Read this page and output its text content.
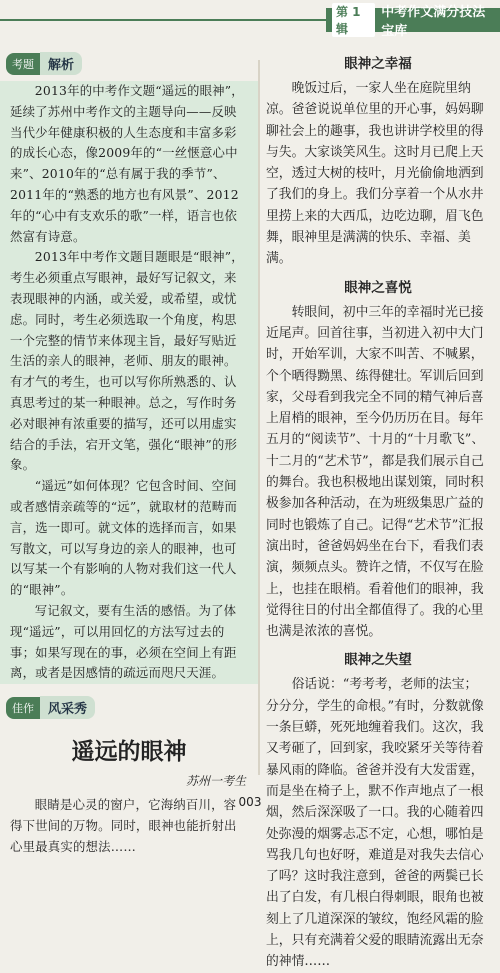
第 1 辑
中考作文满分技法宝库
考题	解析

2013年的中考作文题“遥远的眼神”，延续了苏州中考作文的主题导向——反映当代少年健康积极的人生态度和丰富多彩的成长心态，像2009年的“一丝惬意心中来”、2010年的“总有属于我的季节”、2011年的“熟悉的地方也有风景”、2012年的“心中有支欢乐的歌”一样，语言也依然富有诗意。

2013年中考作文题目题眼是“眼神”，考生必须重点写眼神，最好写记叙文，来表现眼神的内涵，或关爱，或希望，或忧虑。同时，考生必须选取一个角度，构思一个完整的情节来体现主旨，最好写贴近生活的亲人的眼神，老师、朋友的眼神。有才气的考生，也可以写你所熟悉的、认真思考过的某一种眼神。总之，写作时务必对眼神有浓重要的描写，还可以用虚实结合的手法，宕开文笔，强化“眼神”的形象。

“遥远”如何体现？它包含时间、空间或者感情亲疏等的“远”，就取材的范畴而言，选一即可。就文体的选择而言，如果写散文，可以写身边的亲人的眼神，也可以写某一个有影响的人物对我们这一代人的“眼神”。

写记叙文，要有生活的感悟。为了体现“遥远”，可以用回忆的方法写过去的事；如果写现在的事，必须在空间上有距离，或者是因感情的疏远而咫尺天涯。

佳作	风采秀
遥远的眼神
苏州一考生

眼睛是心灵的窗户，它海纳百川，容得下世间的万物。同时，眼神也能折射出心里最真实的想法……

眼神之幸福

晚饭过后，一家人坐在庭院里纳凉。爸爸说说单位里的开心事，妈妈聊聊社会上的趣事，我也讲讲学校里的得与失。大家谈笑风生。这时月已爬上天空，透过大树的枝叶，月光偷偷地洒到了我们的身上。我们分享着一个从水井里捞上来的大西瓜，边吃边聊，眉飞色舞，眼神里是满满的快乐、幸福、美满。

眼神之喜悦

转眼间，初中三年的幸福时光已接近尾声。回首往事，当初进入初中大门时，开始军训，大家不叫苦、不喊累，个个晒得黝黑、练得健壮。军训后回到家，父母看到我完全不同的精气神后喜上眉梢的眼神，至今仍历历在目。每年五月的“阅读节”、十月的“十月歌飞”、十二月的“艺术节”，都是我们展示自己的舞台。我也积极地出谋划策，同时积极参加各种活动，在为班级集思广益的同时也锻炼了自己。记得“艺术节”汇报演出时，爸爸妈妈坐在台下，看我们表演，频频点头。赞许之情，不仅写在脸上，也挂在眼梢。看着他们的眼神，我觉得往日的付出全都值得了。我的心里也满是浓浓的喜悦。

眼神之失望

俗话说：“考考考，老师的法宝；分分分，学生的命根。”有时，分数就像一条巨蟒，死死地缠着我们。这次，我又考砸了，回到家，我咬紧牙关等待着暴风雨的降临。爸爸并没有大发雷霆，而是坐在椅子上，默不作声地点了一根烟，然后深深吸了一口。我的心随着四处弥漫的烟雾忐忑不定，心想，哪怕是骂我几句也好呀，难道是对我失去信心了吗？这时我注意到，爸爸的两鬓已长出了白发，有几根白得刺眼，眼角也被刻上了几道深深的皱纹，饱经风霜的脸上，只有充满着父爱的眼睛流露出无奈的神情……

003
